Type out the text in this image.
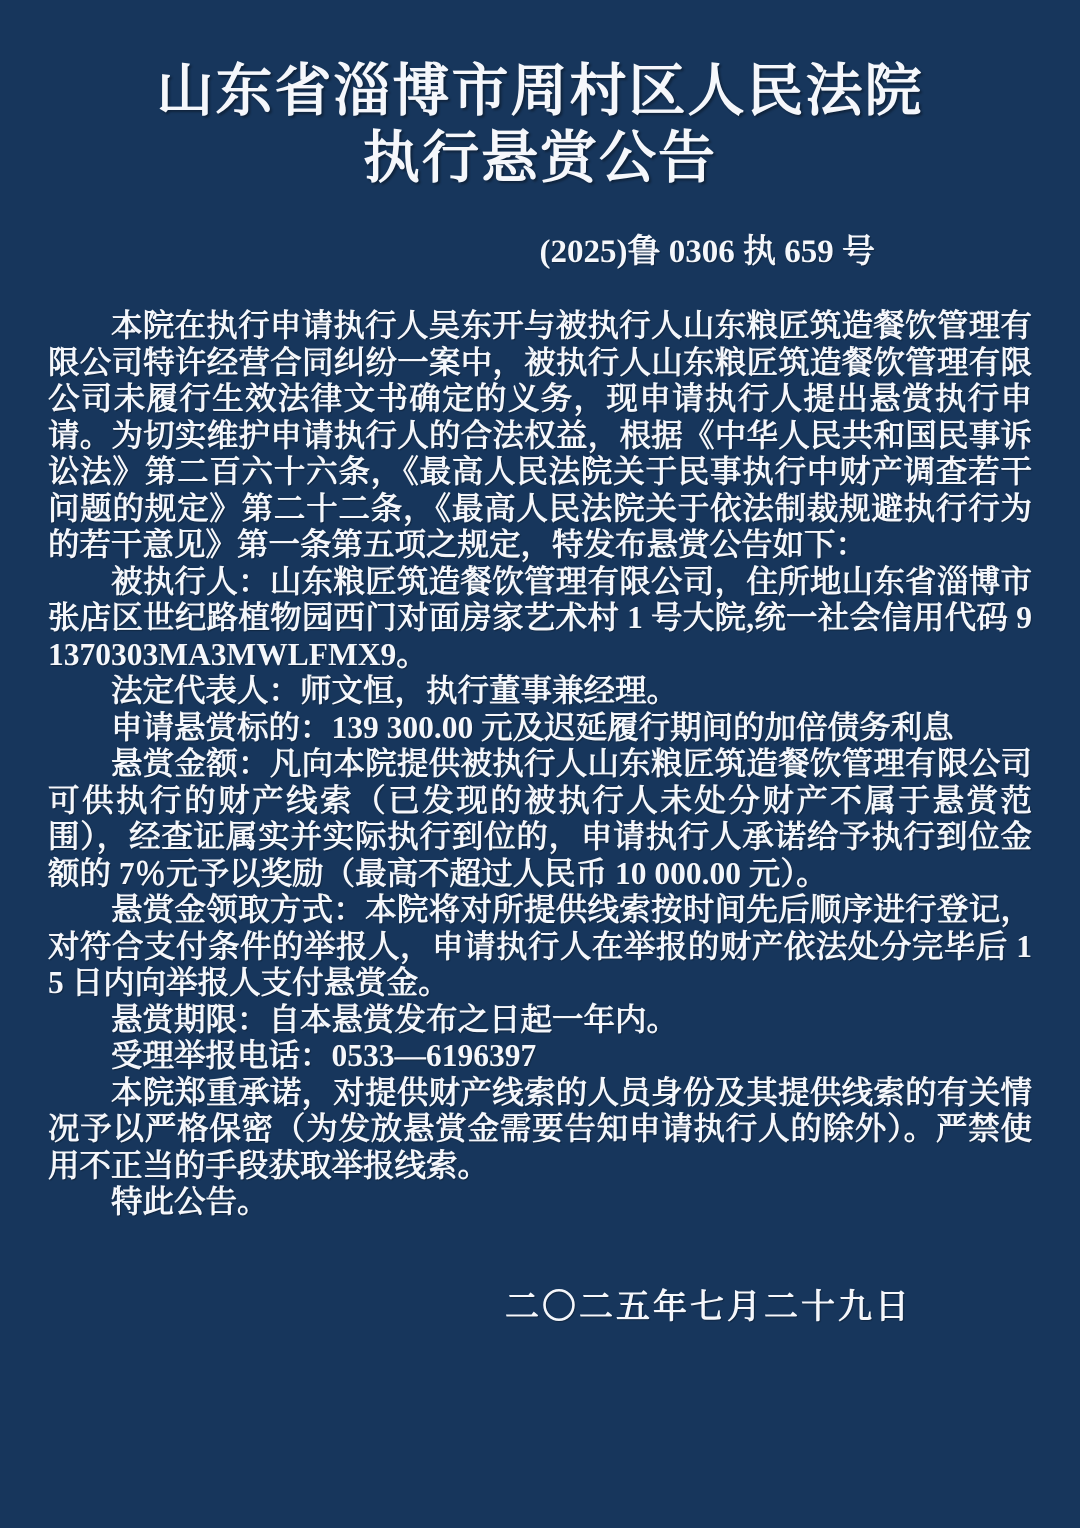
山东省淄博市周村区人民法院
执行悬赏公告
(2025)鲁 0306 执 659 号

本院在执行申请执行人吴东开与被执行人山东粮匠筑造餐饮管理有限公司特许经营合同纠纷一案中，被执行人山东粮匠筑造餐饮管理有限公司未履行生效法律文书确定的义务，现申请执行人提出悬赏执行申请。为切实维护申请执行人的合法权益，根据《中华人民共和国民事诉讼法》第二百六十六条，《最高人民法院关于民事执行中财产调查若干问题的规定》第二十二条，《最高人民法院关于依法制裁规避执行行为的若干意见》第一条第五项之规定，特发布悬赏公告如下：

被执行人：山东粮匠筑造餐饮管理有限公司，住所地山东省淄博市张店区世纪路植物园西门对面房家艺术村 1 号大院,统一社会信用代码 91370303MA3MWLFMX9。

法定代表人：师文恒，执行董事兼经理。

申请悬赏标的：139 300.00 元及迟延履行期间的加倍债务利息

悬赏金额：凡向本院提供被执行人山东粮匠筑造餐饮管理有限公司可供执行的财产线索（已发现的被执行人未处分财产不属于悬赏范围），经查证属实并实际执行到位的，申请执行人承诺给予执行到位金额的 7％元予以奖励（最高不超过人民币 10 000.00 元）。

悬赏金领取方式：本院将对所提供线索按时间先后顺序进行登记，对符合支付条件的举报人，申请执行人在举报的财产依法处分完毕后 15 日内向举报人支付悬赏金。

悬赏期限：自本悬赏发布之日起一年内。

受理举报电话：0533—6196397

本院郑重承诺，对提供财产线索的人员身份及其提供线索的有关情况予以严格保密（为发放悬赏金需要告知申请执行人的除外）。严禁使用不正当的手段获取举报线索。

特此公告。

二〇二五年七月二十九日
